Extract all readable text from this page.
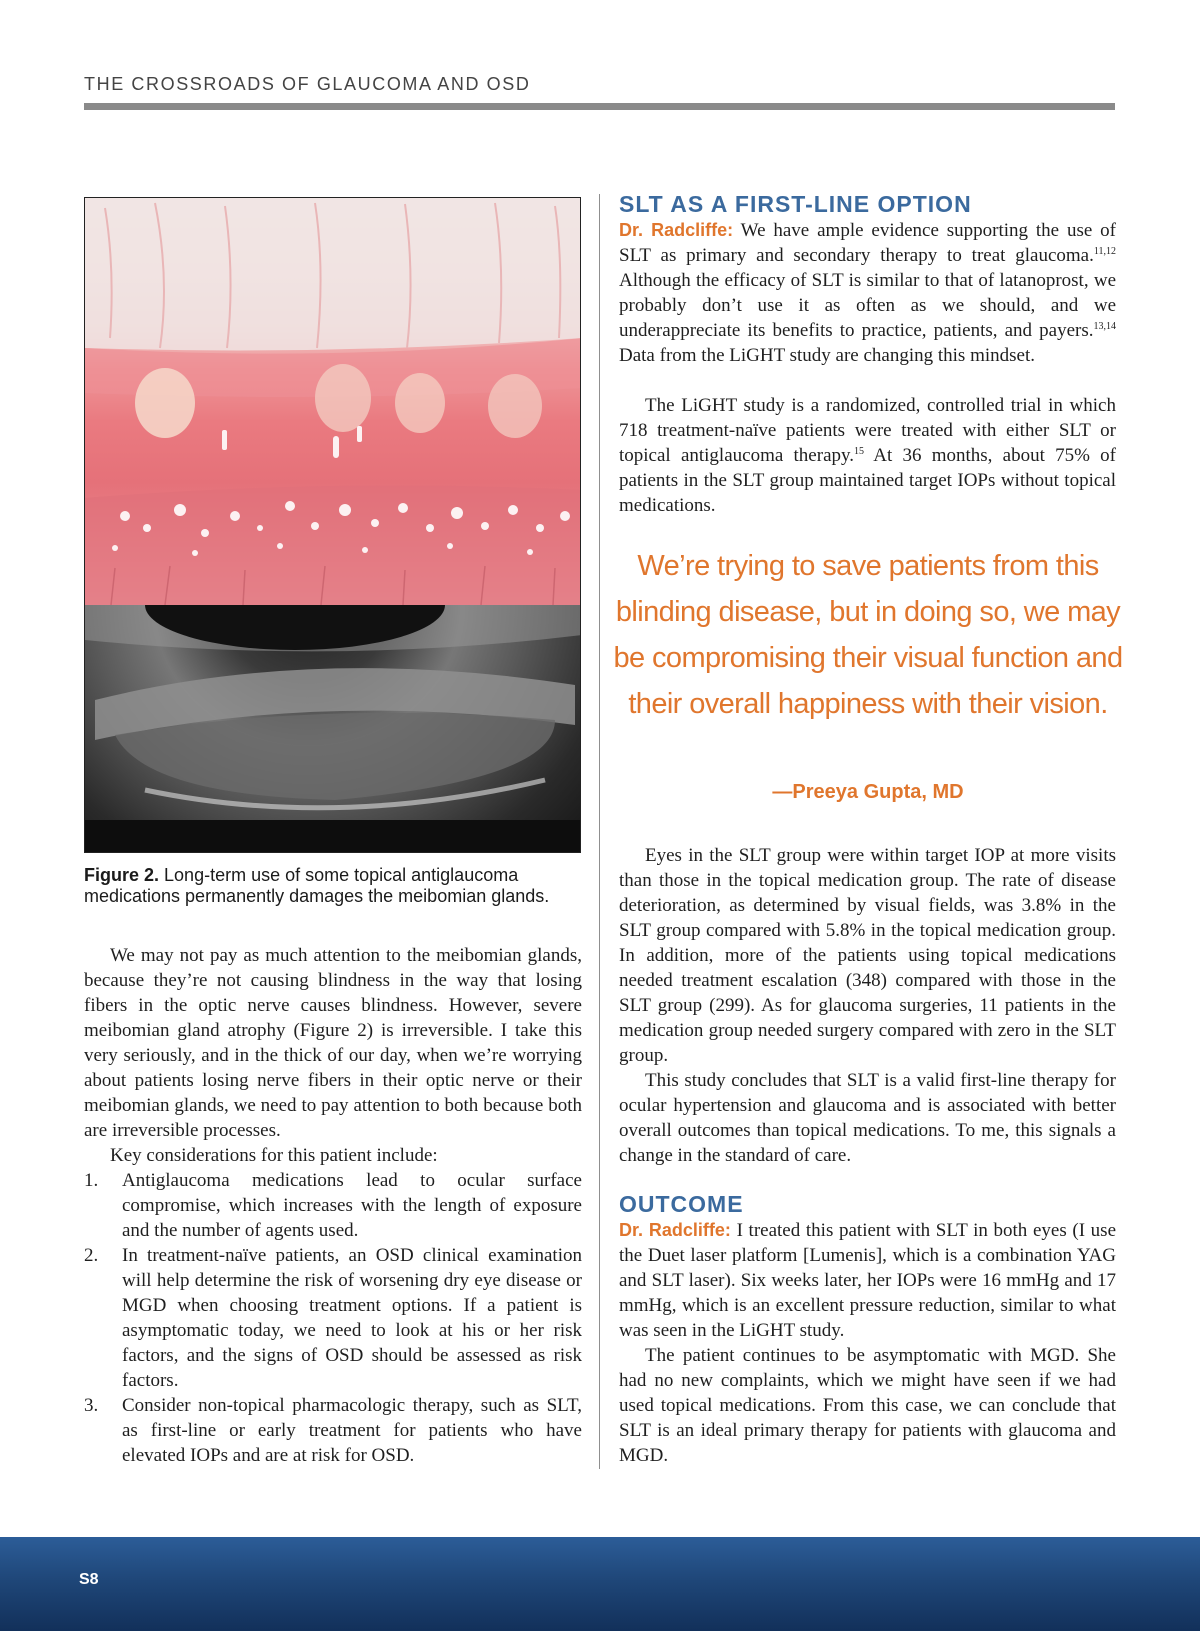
THE CROSSROADS OF GLAUCOMA AND OSD
Figure 2. Long-term use of some topical antiglaucoma medications permanently damages the meibomian glands.

We may not pay as much attention to the meibomian glands, because they’re not causing blindness in the way that losing fibers in the optic nerve causes blindness. However, severe meibomian gland atrophy (Figure 2) is irreversible. I take this very seriously, and in the thick of our day, when we’re worrying about patients losing nerve fibers in their optic nerve or their meibomian glands, we need to pay attention to both because both are irreversible processes.

Key considerations for this patient include:

1. Antiglaucoma medications lead to ocular surface compromise, which increases with the length of exposure and the number of agents used.
2. In treatment-naïve patients, an OSD clinical examination will help determine the risk of worsening dry eye disease or MGD when choosing treatment options. If a patient is asymptomatic today, we need to look at his or her risk factors, and the signs of OSD should be assessed as risk factors.
3. Consider non-topical pharmacologic therapy, such as SLT, as first-line or early treatment for patients who have elevated IOPs and are at risk for OSD.
SLT AS A FIRST-LINE OPTION

Dr. Radcliffe: We have ample evidence supporting the use of SLT as primary and secondary therapy to treat glaucoma.$^{11,12}$ Although the efficacy of SLT is similar to that of latanoprost, we probably don’t use it as often as we should, and we underappreciate its benefits to practice, patients, and payers.$^{13,14}$ Data from the LiGHT study are changing this mindset.

The LiGHT study is a randomized, controlled trial in which 718 treatment-naïve patients were treated with either SLT or topical antiglaucoma therapy.$^{15}$ At 36 months, about 75% of patients in the SLT group maintained target IOPs without topical medications.

We’re trying to save patients from this blinding disease, but in doing so, we may be compromising their visual function and their overall happiness with their vision.
—Preeya Gupta, MD

Eyes in the SLT group were within target IOP at more visits than those in the topical medication group. The rate of disease deterioration, as determined by visual fields, was 3.8% in the SLT group compared with 5.8% in the topical medication group. In addition, more of the patients using topical medications needed treatment escalation (348) compared with those in the SLT group (299). As for glaucoma surgeries, 11 patients in the medication group needed surgery compared with zero in the SLT group.

This study concludes that SLT is a valid first-line therapy for ocular hypertension and glaucoma and is associated with better overall outcomes than topical medications. To me, this signals a change in the standard of care.

OUTCOME

Dr. Radcliffe: I treated this patient with SLT in both eyes (I use the Duet laser platform [Lumenis], which is a combination YAG and SLT laser). Six weeks later, her IOPs were 16 mmHg and 17 mmHg, which is an excellent pressure reduction, similar to what was seen in the LiGHT study.

The patient continues to be asymptomatic with MGD. She had no new complaints, which we might have seen if we had used topical medications. From this case, we can conclude that SLT is an ideal primary therapy for patients with glaucoma and MGD.

S8
